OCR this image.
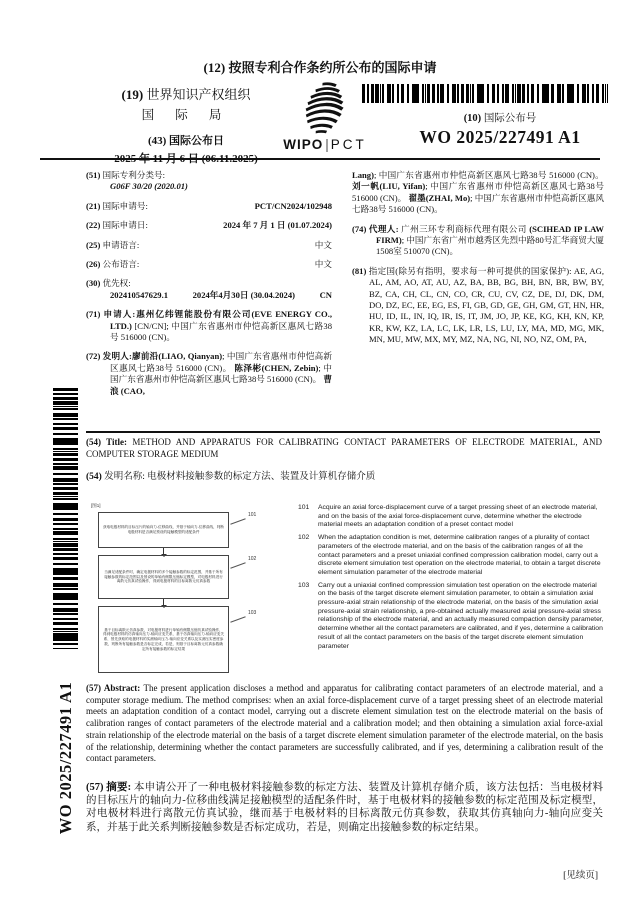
(12) 按照专利合作条约所公布的国际申请
(19) 世界知识产权组织
国 际 局
(43) 国际公布日	WIPO | PCT
(10) 国际公布号
WO 2025/227491 A1
(51) 国际专利分类号:
G06F 30/20 (2020.01)
(21) 国际申请号:	PCT/CN2024/102948
(22) 国际申请日:	2024 年 7 月 1 日 (01.07.2024)
(25) 申请语言:	中文
(26) 公布语言:	中文
(30) 优先权:
202410547629.1	2024年4月30日 (30.04.2024)	CN

(71) 申请人:惠州亿纬锂能股份有限公司(EVE ENERGY CO., LTD.) [CN/CN]; 中国广东省惠州市仲恺高新区惠风七路38号 516000 (CN)。

(72) 发明人:廖前沿(LIAO, Qianyan); 中国广东省惠州市仲恺高新区惠风七路38号 516000 (CN)。 陈泽彬(CHEN, Zebin); 中国广东省惠州市仲恺高新区惠风七路38号 516000 (CN)。 曹浪 (CAO,

Lang); 中国广东省惠州市仲恺高新区惠风七路38号 516000 (CN)。 刘一帆(LIU, Yifan); 中国广东省惠州市仲恺高新区惠风七路38号 516000 (CN)。 翟墨(ZHAI, Mo); 中国广东省惠州市仲恺高新区惠风七路38号 516000 (CN)。

(74) 代理人: 广州三环专利商标代理有限公司 (SCIHEAD IP LAW FIRM); 中国广东省广州市越秀区先烈中路80号汇华商贸大厦1508室 510070 (CN)。

(81) 指定国(除另有指明，要求每一种可提供的国家保护): AE, AG, AL, AM, AO, AT, AU, AZ, BA, BB, BG, BH, BN, BR, BW, BY, BZ, CA, CH, CL, CN, CO, CR, CU, CV, CZ, DE, DJ, DK, DM, DO, DZ, EC, EE, EG, ES, FI, GB, GD, GE, GH, GM, GT, HN, HR, HU, ID, IL, IN, IQ, IR, IS, IT, JM, JO, JP, KE, KG, KH, KN, KP, KR, KW, KZ, LA, LC, LK, LR, LS, LU, LY, MA, MD, MG, MK, MN, MU, MW, MX, MY, MZ, NA, NG, NI, NO, NZ, OM, PA,

WO 2025/227491 A1

(54) Title: METHOD AND APPARATUS FOR CALIBRATING CONTACT PARAMETERS OF ELECTRODE MATERIAL, AND COMPUTER STORAGE MEDIUM

(54) 发明名称: 电极材料接触参数的标定方法、装置及计算机存储介质

[图1]
获取电极材料的目标压片的轴向力-位移曲线，并基于轴向力-位移曲线，判断电极材料是否满足预设的接触模型的适配条件
101
当满足适配条件时，确定电极材料的多个接触参数的标定范围，并基于所有接触参数的标定范围以及预设的单轴有侧限压缩标定模型，对电极材料进行离散元仿真试验操作，得到电极材料的目标离散元仿真参数
102
基于目标离散元仿真参数，对电极材料进行单轴有侧限压缩仿真试验操作，得到电极材料的仿真轴向压力-轴向应变关系，基于仿真轴向压力-轴向应变关系、预先获取的电极材料的实测轴向压力-轴向应变关系以及实测压实密度参数，判断所有接触参数是否标定完成，若是，则基于目标离散元仿真参数确定所有接触参数的标定结果
103
101	Acquire an axial force-displacement curve of a target pressing sheet of an electrode material, and on the basis of the axial force-displacement curve, determine whether the electrode material meets an adaptation condition of a preset contact model
102	When the adaptation condition is met, determine calibration ranges of a plurality of contact parameters of the electrode material, and on the basis of the calibration ranges of all the contact parameters and a preset uniaxial confined compression calibration model, carry out a discrete element simulation test operation on the electrode material, to obtain a target discrete element simulation parameter of the electrode material
103	Carry out a uniaxial confined compression simulation test operation on the electrode material on the basis of the target discrete element simulation parameter, to obtain a simulation axial pressure-axial strain relationship of the electrode material, on the basis of the simulation axial pressure-axial strain relationship, a pre-obtained actually measured axial pressure-axial stress relationship of the electrode material, and an actually measured compaction density parameter, determine whether all the contact parameters are calibrated, and if yes, determine a calibration result of all the contact parameters on the basis of the target discrete element simulation parameter

(57) Abstract: The present application discloses a method and apparatus for calibrating contact parameters of an electrode material, and a computer storage medium. The method comprises: when an axial force-displacement curve of a target pressing sheet of an electrode material meets an adaptation condition of a contact model, carrying out a discrete element simulation test on the electrode material on the basis of calibration ranges of contact parameters of the electrode material and a calibration model; and then obtaining a simulation axial force-axial strain relationship of the electrode material on the basis of a target discrete element simulation parameter of the electrode material, on the basis of the relationship, determining whether the contact parameters are successfully calibrated, and if yes, determining a calibration result of the contact parameters.

(57) 摘要: 本申请公开了一种电极材料接触参数的标定方法、装置及计算机存储介质，该方法包括：当电极材料的目标压片的轴向力-位移曲线满足接触模型的适配条件时，基于电极材料的接触参数的标定范围及标定模型，对电极材料进行离散元仿真试验，继而基于电极材料的目标离散元仿真参数，获取其仿真轴向力-轴向应变关系，并基于此关系判断接触参数是否标定成功，若是，则确定出接触参数的标定结果。

[见续页]
